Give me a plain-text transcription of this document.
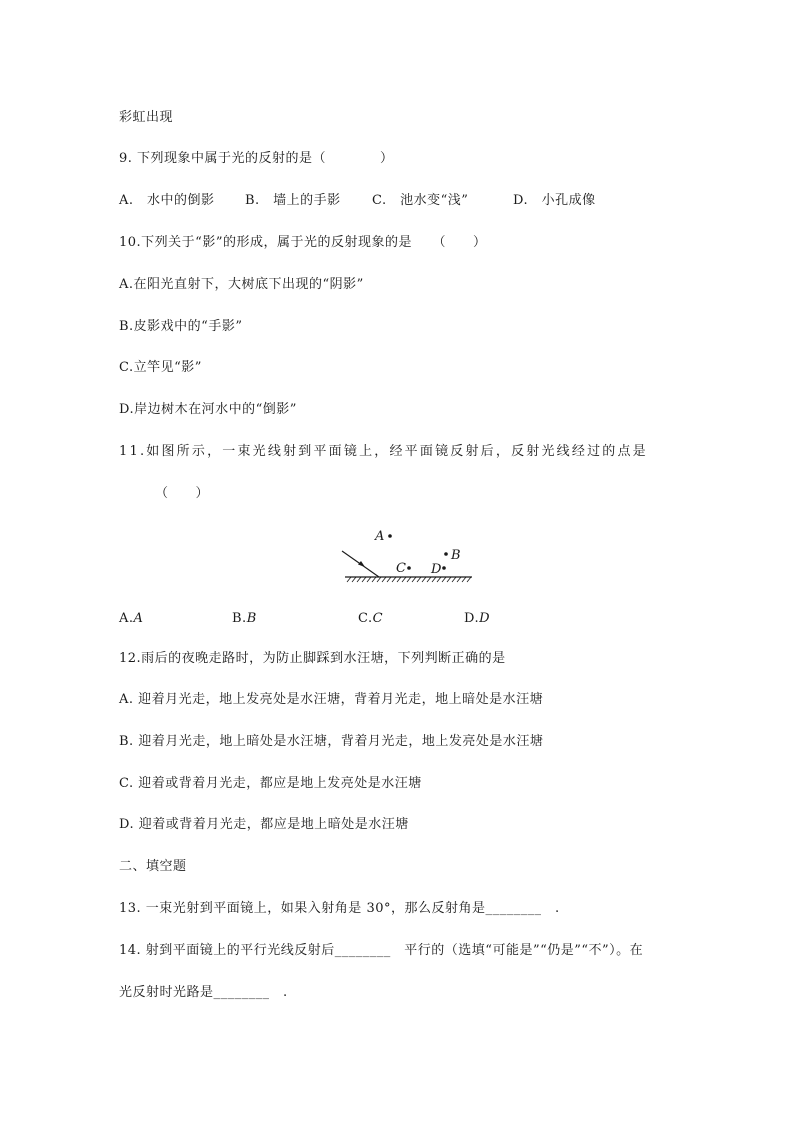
彩虹出现
9. 下列现象中属于光的反射的是（　　　　）
A.　水中的倒影 B.　墙上的手影 C.　池水变“浅”	D.　小孔成像
10.下列关于“影”的形成，属于光的反射现象的是　　（　　）
A.在阳光直射下，大树底下出现的“阴影”
B.皮影戏中的“手影”
C.立竿见“影”
D.岸边树木在河水中的“倒影”
11.如图所示，一束光线射到平面镜上，经平面镜反射后，反射光线经过的点是
（　　）
A
B
C D
A.A	B.B	C.C	D.D
12.雨后的夜晚走路时，为防止脚踩到水汪塘，下列判断正确的是
A. 迎着月光走，地上发亮处是水汪塘，背着月光走，地上暗处是水汪塘
B. 迎着月光走，地上暗处是水汪塘，背着月光走，地上发亮处是水汪塘
C. 迎着或背着月光走，都应是地上发亮处是水汪塘
D. 迎着或背着月光走，都应是地上暗处是水汪塘
二、填空题
13. 一束光射到平面镜上，如果入射角是 30°，那么反射角是________　.
14. 射到平面镜上的平行光线反射后________　平行的（选填“可能是”“仍是”“不”）。在
光反射时光路是________　.
